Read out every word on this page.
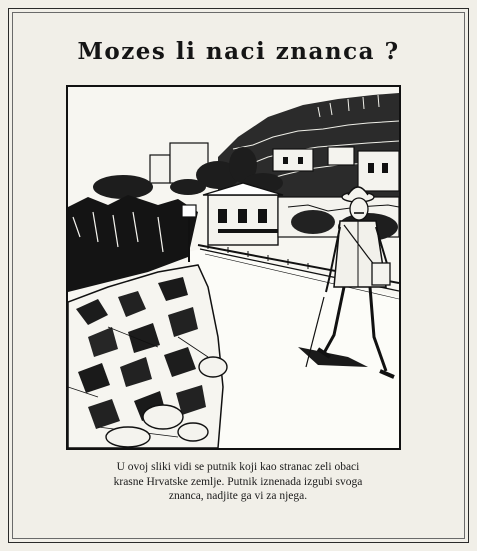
Mozes li naci znanca ?
U ovoj sliki vidi se putnik koji kao stranac zeli obaci
krasne Hrvatske zemlje. Putnik iznenada izgubi svoga
znanca, nadjite ga vi za njega.
